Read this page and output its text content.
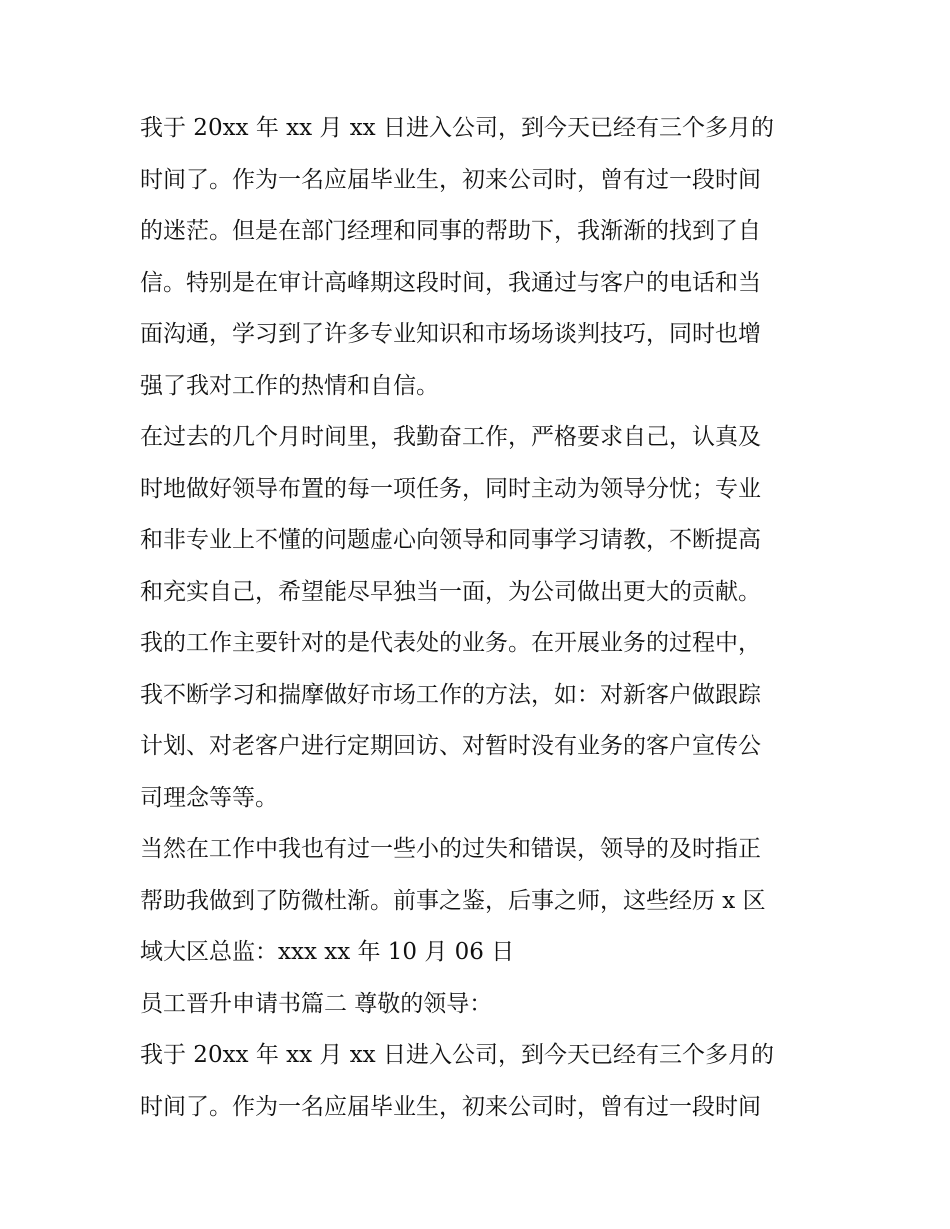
我于 20xx 年 xx 月 xx 日进入公司，到今天已经有三个多月的
时间了。作为一名应届毕业生，初来公司时，曾有过一段时间
的迷茫。但是在部门经理和同事的帮助下，我渐渐的找到了自
信。特别是在审计高峰期这段时间，我通过与客户的电话和当
面沟通，学习到了许多专业知识和市场场谈判技巧，同时也增
强了我对工作的热情和自信。
在过去的几个月时间里，我勤奋工作，严格要求自己，认真及
时地做好领导布置的每一项任务，同时主动为领导分忧；专业
和非专业上不懂的问题虚心向领导和同事学习请教，不断提高
和充实自己，希望能尽早独当一面，为公司做出更大的贡献。
我的工作主要针对的是代表处的业务。在开展业务的过程中，
我不断学习和揣摩做好市场工作的方法，如：对新客户做跟踪
计划、对老客户进行定期回访、对暂时没有业务的客户宣传公
司理念等等。
当然在工作中我也有过一些小的过失和错误，领导的及时指正
帮助我做到了防微杜渐。前事之鉴，后事之师，这些经历 x 区
域大区总监：xxx xx 年 10 月 06 日
员工晋升申请书篇二 尊敬的领导：
我于 20xx 年 xx 月 xx 日进入公司，到今天已经有三个多月的
时间了。作为一名应届毕业生，初来公司时，曾有过一段时间
